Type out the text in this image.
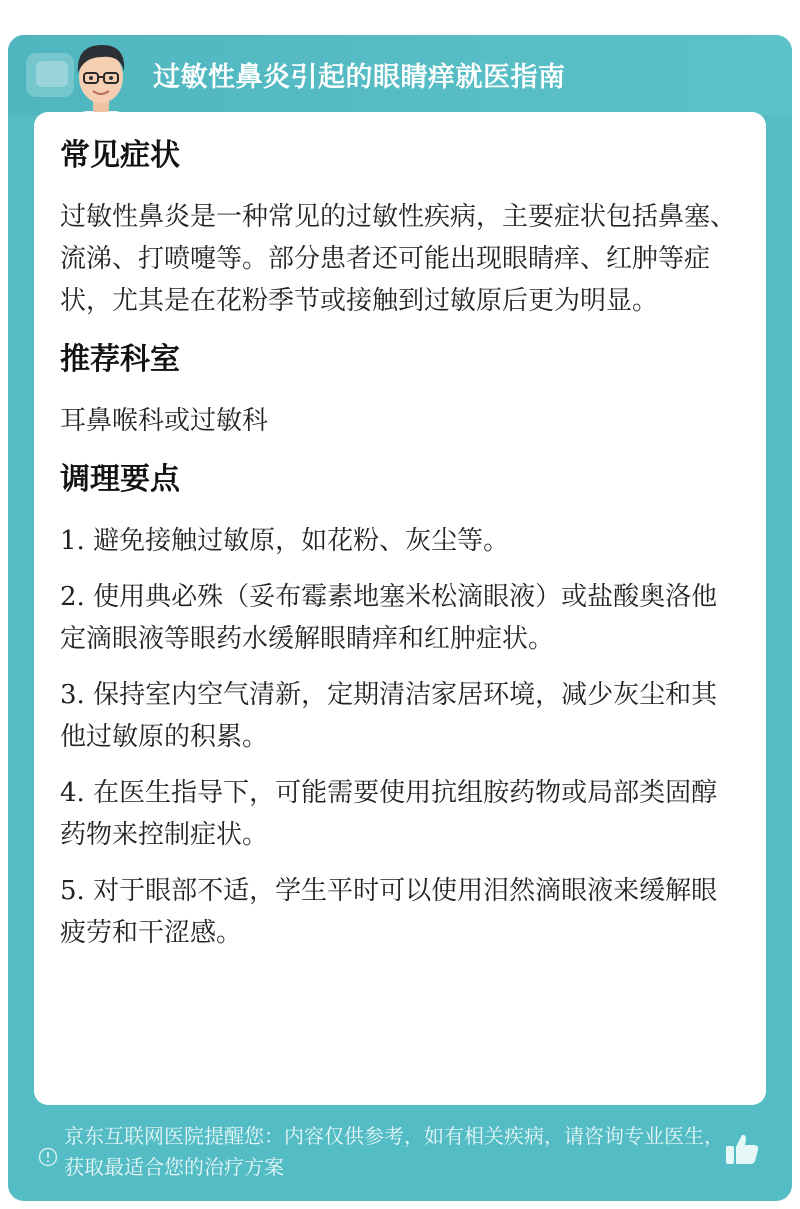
过敏性鼻炎引起的眼睛痒就医指南
常见症状
过敏性鼻炎是一种常见的过敏性疾病，主要症状包括鼻塞、流涕、打喷嚏等。部分患者还可能出现眼睛痒、红肿等症状，尤其是在花粉季节或接触到过敏原后更为明显。
推荐科室
耳鼻喉科或过敏科
调理要点
1. 避免接触过敏原，如花粉、灰尘等。
2. 使用典必殊（妥布霉素地塞米松滴眼液）或盐酸奥洛他定滴眼液等眼药水缓解眼睛痒和红肿症状。
3. 保持室内空气清新，定期清洁家居环境，减少灰尘和其他过敏原的积累。
4. 在医生指导下，可能需要使用抗组胺药物或局部类固醇药物来控制症状。
5. 对于眼部不适，学生平时可以使用泪然滴眼液来缓解眼疲劳和干涩感。
京东互联网医院提醒您：内容仅供参考，如有相关疾病，请咨询专业医生，获取最适合您的治疗方案
